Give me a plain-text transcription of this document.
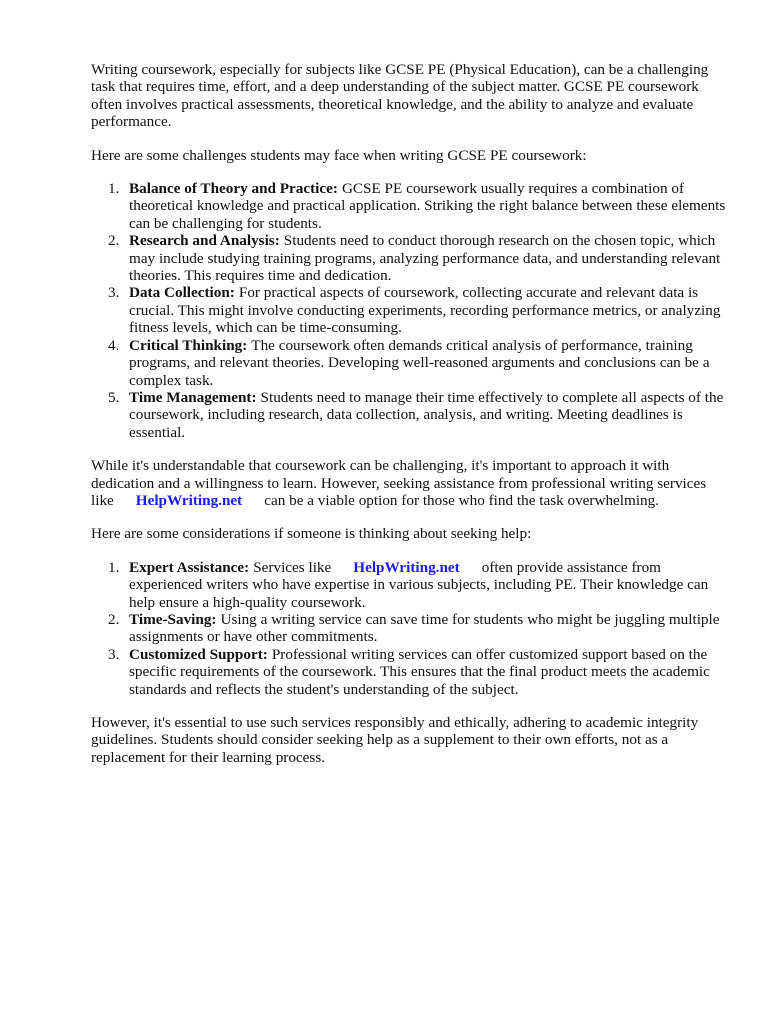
Writing coursework, especially for subjects like GCSE PE (Physical Education), can be a challenging task that requires time, effort, and a deep understanding of the subject matter. GCSE PE coursework often involves practical assessments, theoretical knowledge, and the ability to analyze and evaluate performance.

Here are some challenges students may face when writing GCSE PE coursework:

1. Balance of Theory and Practice: GCSE PE coursework usually requires a combination of theoretical knowledge and practical application. Striking the right balance between these elements can be challenging for students.
2. Research and Analysis: Students need to conduct thorough research on the chosen topic, which may include studying training programs, analyzing performance data, and understanding relevant theories. This requires time and dedication.
3. Data Collection: For practical aspects of coursework, collecting accurate and relevant data is crucial. This might involve conducting experiments, recording performance metrics, or analyzing fitness levels, which can be time-consuming.
4. Critical Thinking: The coursework often demands critical analysis of performance, training programs, and relevant theories. Developing well-reasoned arguments and conclusions can be a complex task.
5. Time Management: Students need to manage their time effectively to complete all aspects of the coursework, including research, data collection, analysis, and writing. Meeting deadlines is essential.

While it's understandable that coursework can be challenging, it's important to approach it with dedication and a willingness to learn. However, seeking assistance from professional writing services like HelpWriting.net can be a viable option for those who find the task overwhelming.

Here are some considerations if someone is thinking about seeking help:

1. Expert Assistance: Services like HelpWriting.net often provide assistance from experienced writers who have expertise in various subjects, including PE. Their knowledge can help ensure a high-quality coursework.
2. Time-Saving: Using a writing service can save time for students who might be juggling multiple assignments or have other commitments.
3. Customized Support: Professional writing services can offer customized support based on the specific requirements of the coursework. This ensures that the final product meets the academic standards and reflects the student's understanding of the subject.

However, it's essential to use such services responsibly and ethically, adhering to academic integrity guidelines. Students should consider seeking help as a supplement to their own efforts, not as a replacement for their learning process.
